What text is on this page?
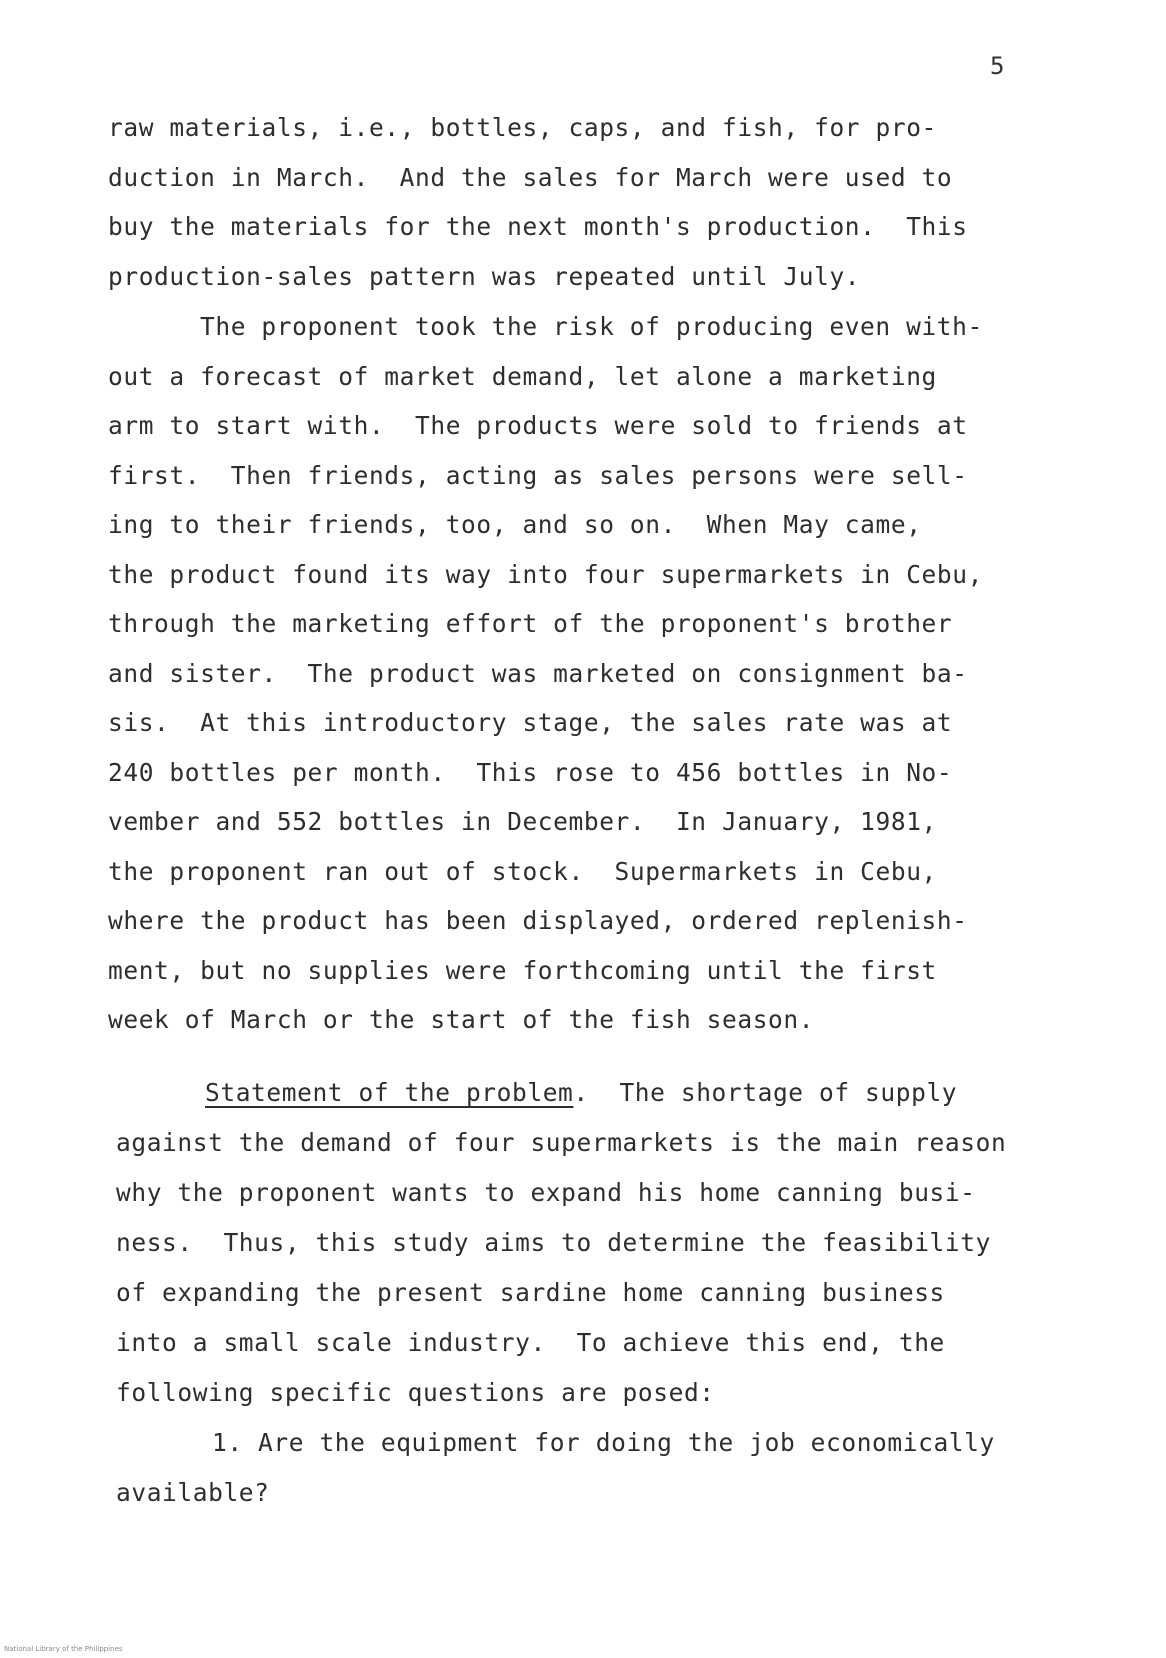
5
raw materials, i.e., bottles, caps, and fish, for pro-
duction in March.  And the sales for March were used to
buy the materials for the next month's production.  This
production-sales pattern was repeated until July.
The proponent took the risk of producing even with-
out a forecast of market demand, let alone a marketing
arm to start with.  The products were sold to friends at
first.  Then friends, acting as sales persons were sell-
ing to their friends, too, and so on.  When May came,
the product found its way into four supermarkets in Cebu,
through the marketing effort of the proponent's brother
and sister.  The product was marketed on consignment ba-
sis.  At this introductory stage, the sales rate was at
240 bottles per month.  This rose to 456 bottles in No-
vember and 552 bottles in December.  In January, 1981,
the proponent ran out of stock.  Supermarkets in Cebu,
where the product has been displayed, ordered replenish-
ment, but no supplies were forthcoming until the first
week of March or the start of the fish season.
Statement of the problem.  The shortage of supply
against the demand of four supermarkets is the main reason
why the proponent wants to expand his home canning busi-
ness.  Thus, this study aims to determine the feasibility
of expanding the present sardine home canning business
into a small scale industry.  To achieve this end, the
following specific questions are posed:
1. Are the equipment for doing the job economically
available?
National Library of the Philippines
